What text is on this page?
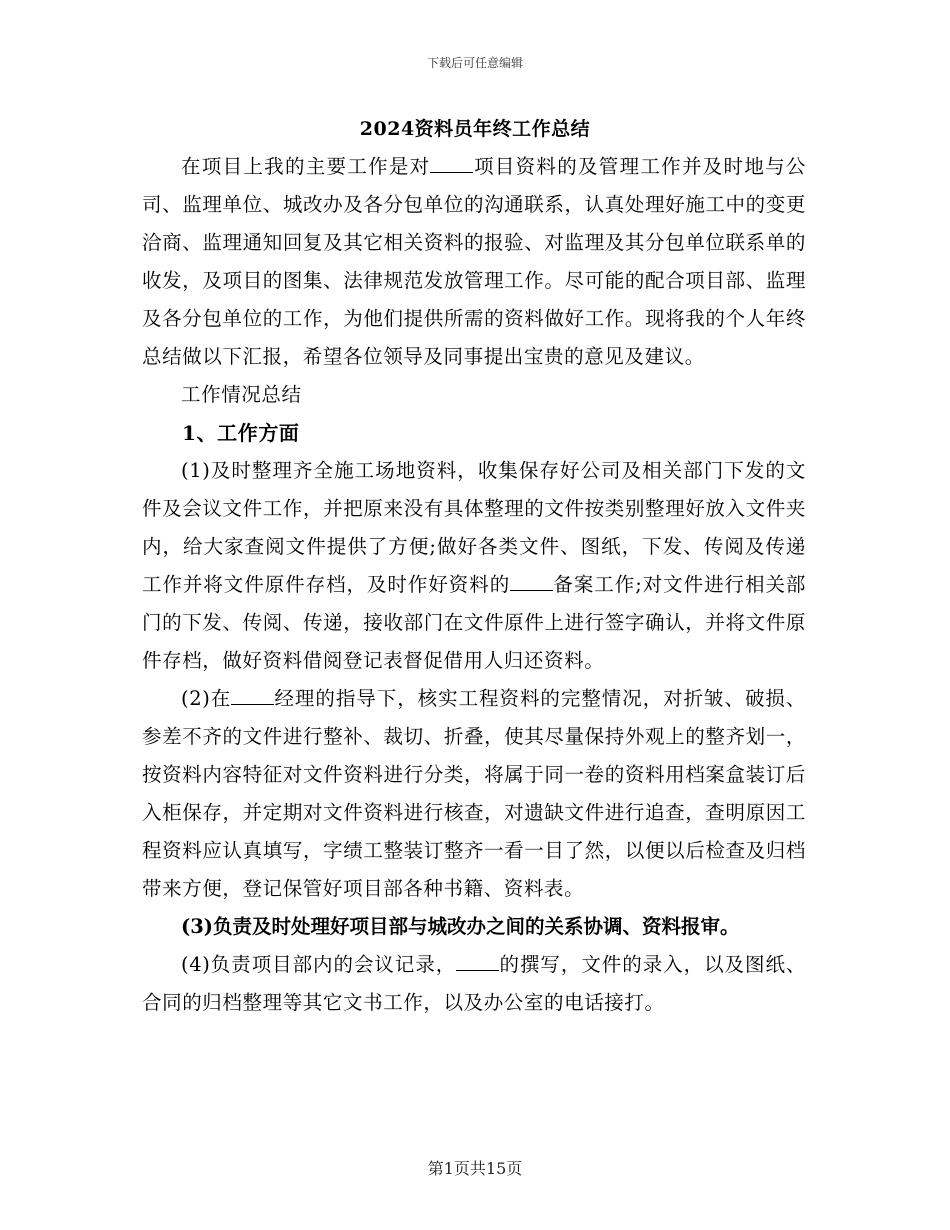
下载后可任意编辑
2024资料员年终工作总结

在项目上我的主要工作是对 项目资料的及管理工作并及时地与公司、监理单位、城改办及各分包单位的沟通联系，认真处理好施工中的变更洽商、监理通知回复及其它相关资料的报验、对监理及其分包单位联系单的收发，及项目的图集、法律规范发放管理工作。尽可能的配合项目部、监理及各分包单位的工作，为他们提供所需的资料做好工作。现将我的个人年终总结做以下汇报，希望各位领导及同事提出宝贵的意见及建议。

工作情况总结

1、工作方面

(1)及时整理齐全施工场地资料，收集保存好公司及相关部门下发的文件及会议文件工作，并把原来没有具体整理的文件按类别整理好放入文件夹内，给大家查阅文件提供了方便;做好各类文件、图纸，下发、传阅及传递工作并将文件原件存档，及时作好资料的 备案工作;对文件进行相关部门的下发、传阅、传递，接收部门在文件原件上进行签字确认，并将文件原件存档，做好资料借阅登记表督促借用人归还资料。

(2)在 经理的指导下，核实工程资料的完整情况，对折皱、破损、参差不齐的文件进行整补、裁切、折叠，使其尽量保持外观上的整齐划一，按资料内容特征对文件资料进行分类，将属于同一卷的资料用档案盒装订后入柜保存，并定期对文件资料进行核查，对遗缺文件进行追查，查明原因工程资料应认真填写，字绩工整装订整齐一看一目了然，以便以后检查及归档带来方便，登记保管好项目部各种书籍、资料表。

(3)负责及时处理好项目部与城改办之间的关系协调、资料报审。

(4)负责项目部内的会议记录， 的撰写，文件的录入，以及图纸、合同的归档整理等其它文书工作，以及办公室的电话接打。

第1页共15页
